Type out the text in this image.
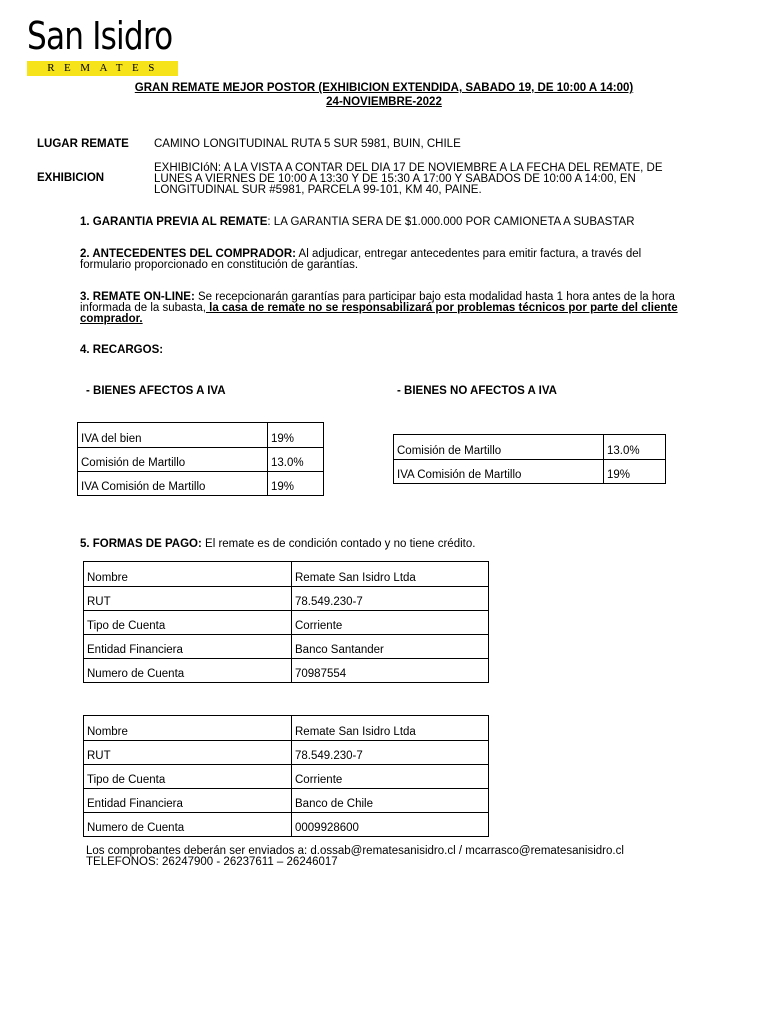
San Isidro
REMATES
GRAN REMATE MEJOR POSTOR (EXHIBICION EXTENDIDA, SABADO 19, DE 10:00 A 14:00)
24-NOVIEMBRE-2022
LUGAR REMATE CAMINO LONGITUDINAL RUTA 5 SUR 5981, BUIN, CHILE
EXHIBICION
EXHIBICIóN: A LA VISTA A CONTAR DEL DIA 17 DE NOVIEMBRE A LA FECHA DEL REMATE, DE
LUNES A VIERNES DE 10:00 A 13:30 Y DE 15:30 A 17:00 Y SABADOS DE 10:00 A 14:00, EN
LONGITUDINAL SUR #5981, PARCELA 99-101, KM 40, PAINE.
1. GARANTIA PREVIA AL REMATE: LA GARANTIA SERA DE $1.000.000 POR CAMIONETA A SUBASTAR
2. ANTECEDENTES DEL COMPRADOR: Al adjudicar, entregar antecedentes para emitir factura, a través del
formulario proporcionado en constitución de garantías.
3. REMATE ON-LINE: Se recepcionarán garantías para participar bajo esta modalidad hasta 1 hora antes de la hora
informada de la subasta, la casa de remate no se responsabilizará por problemas técnicos por parte del cliente
comprador.
4. RECARGOS:
- BIENES AFECTOS A IVA	- BIENES NO AFECTOS A IVA
IVA del bien	19%
Comisión de Martillo	13.0%
IVA Comisión de Martillo	19%
Comisión de Martillo	13.0%
IVA Comisión de Martillo	19%
5. FORMAS DE PAGO: El remate es de condición contado y no tiene crédito.
Nombre	Remate San Isidro Ltda
RUT	78.549.230-7
Tipo de Cuenta	Corriente
Entidad Financiera	Banco Santander
Numero de Cuenta	70987554
Nombre	Remate San Isidro Ltda
RUT	78.549.230-7
Tipo de Cuenta	Corriente
Entidad Financiera	Banco de Chile
Numero de Cuenta	0009928600
Los comprobantes deberán ser enviados a: d.ossab@rematesanisidro.cl / mcarrasco@rematesanisidro.cl
TELEFONOS: 26247900 - 26237611 – 26246017
